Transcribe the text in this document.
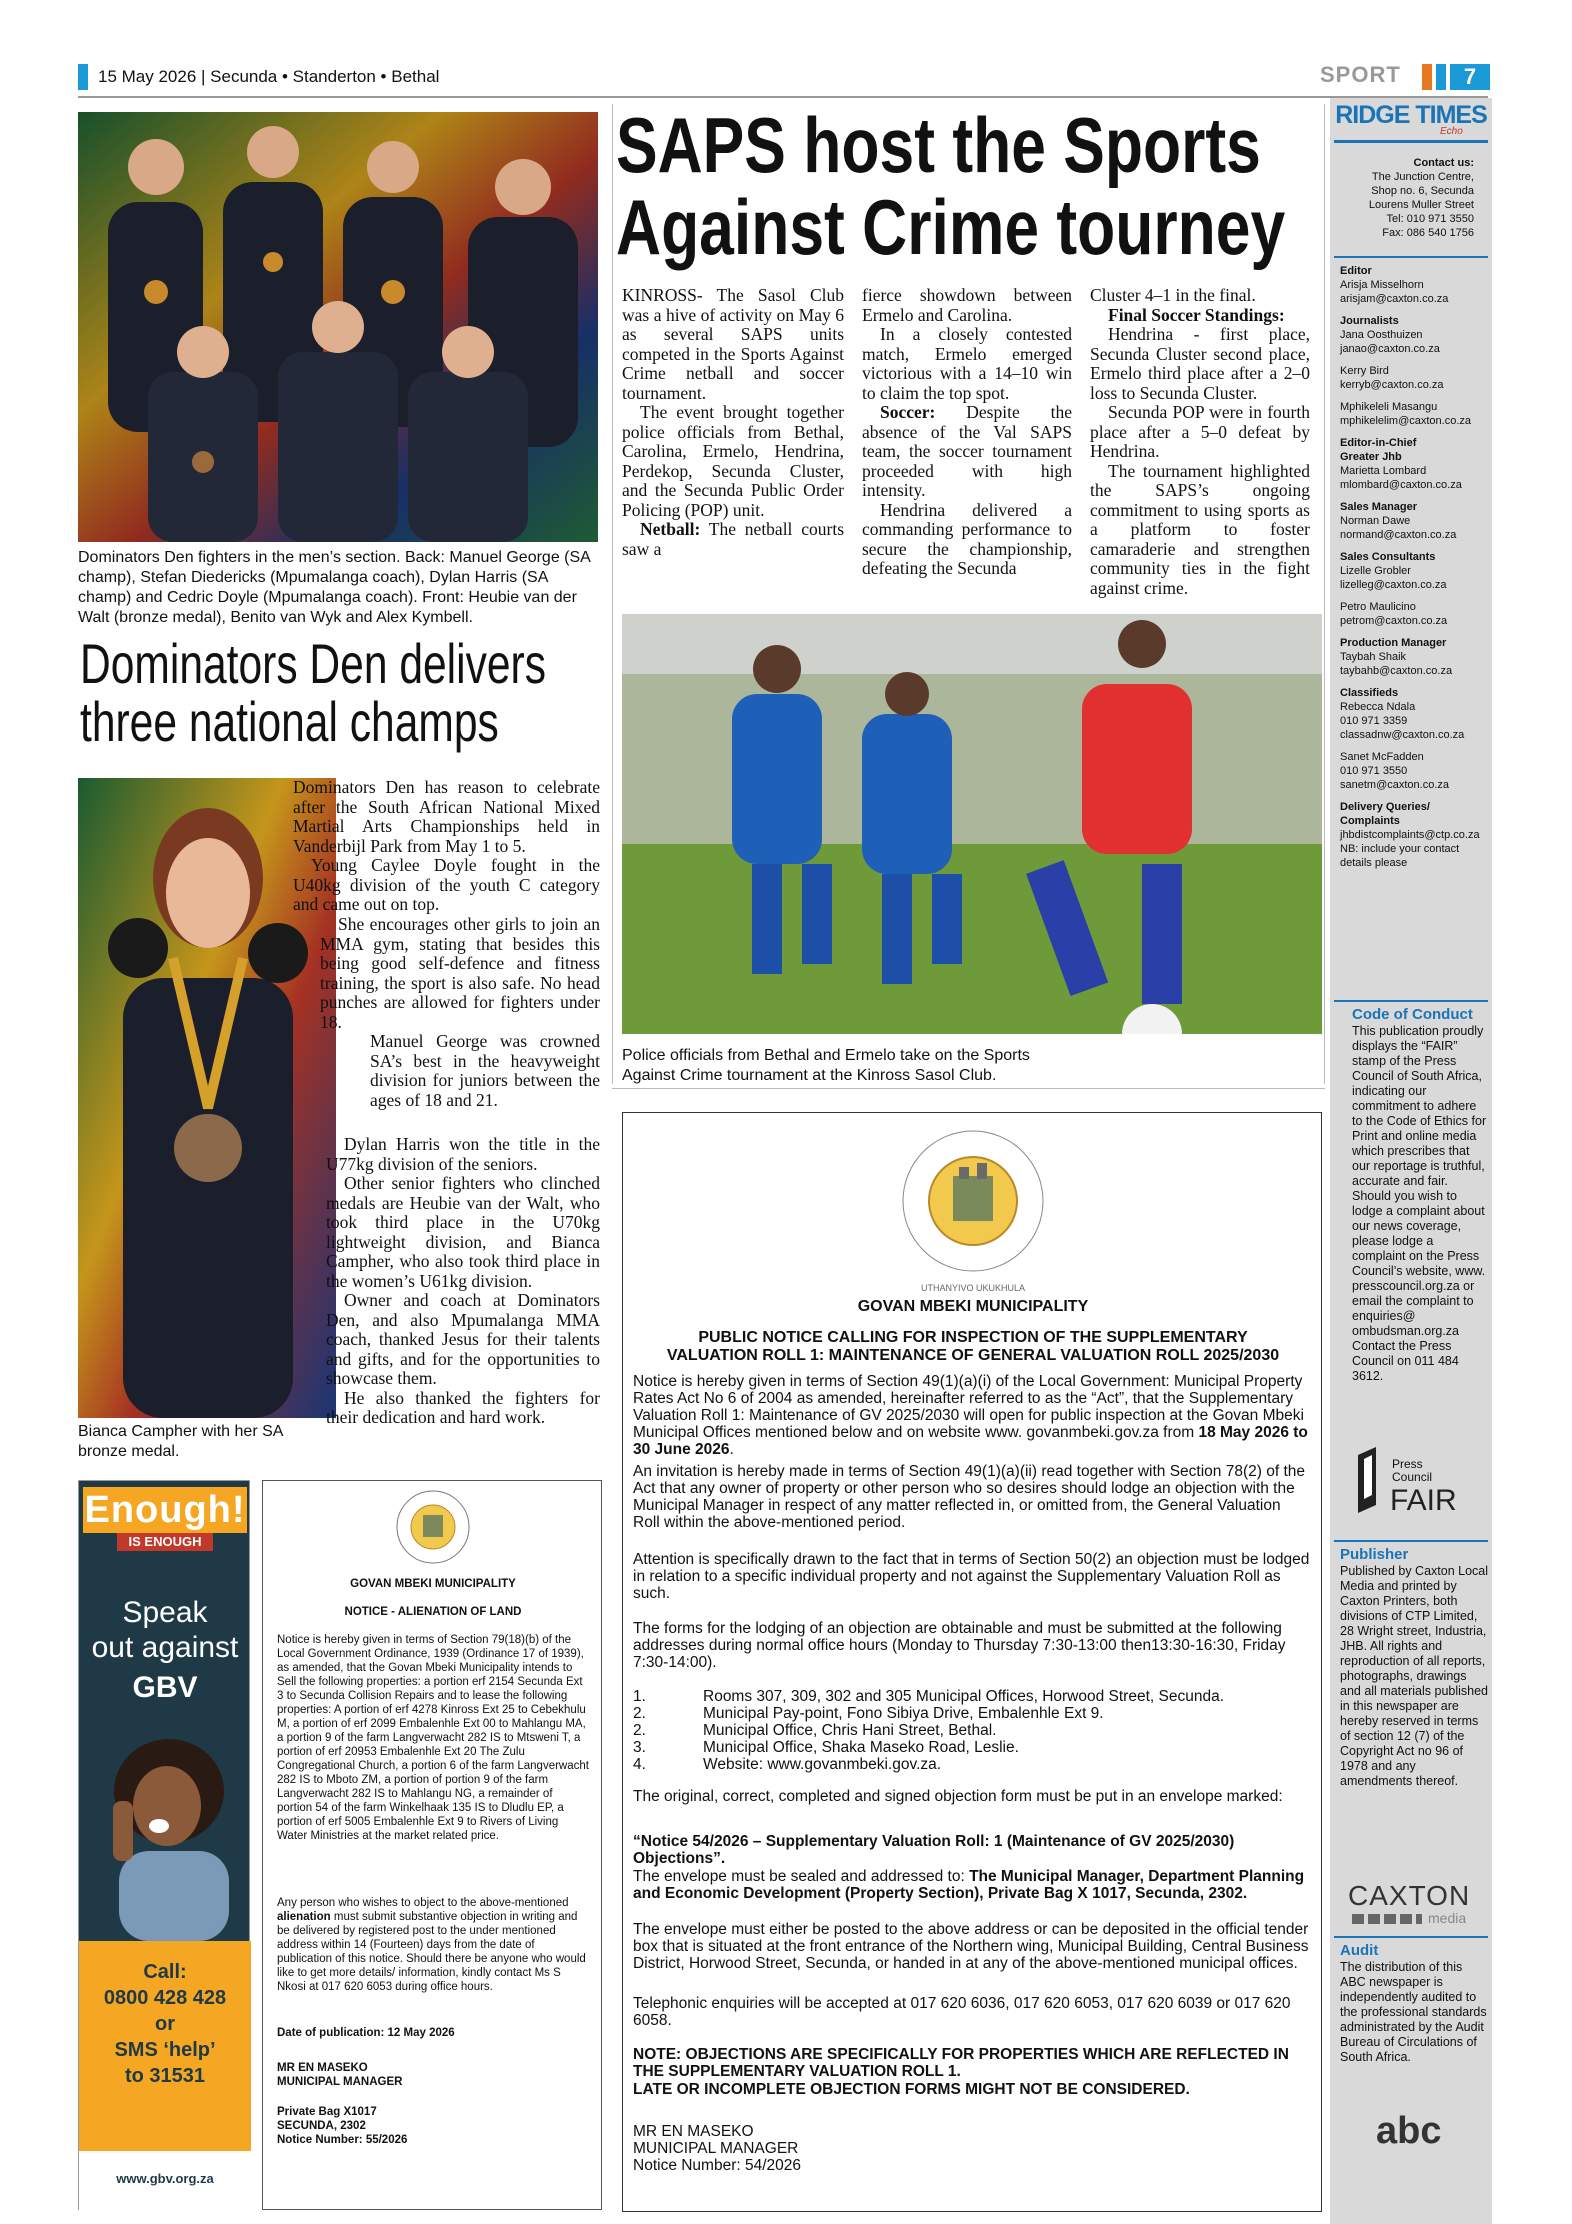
15 May 2026 | Secunda • Standerton • Bethal	SPORT	7
Dominators Den fighters in the men’s section. Back: Manuel George (SA champ), Stefan Diedericks (Mpumalanga coach), Dylan Harris (SA champ) and Cedric Doyle (Mpumalanga coach). Front: Heubie van der Walt (bronze medal), Benito van Wyk and Alex Kymbell.
Dominators Den delivers
three national champs

Dominators Den has reason to celebrate after the South African National Mixed Martial Arts Championships held in Vanderbijl Park from May 1 to 5.

Young Caylee Doyle fought in the U40kg division of the youth C category and came out on top.

She encourages other girls to join an MMA gym, stating that besides this being good self-defence and fitness training, the sport is also safe. No head punches are allowed for fighters under 18.

Manuel George was crowned SA’s best in the heavyweight division for juniors between the ages of 18 and 21.

Dylan Harris won the title in the U77kg division of the seniors.

Other senior fighters who clinched medals are Heubie van der Walt, who took third place in the U70kg lightweight division, and Bianca Campher, who also took third place in the women’s U61kg division.

Owner and coach at Dominators Den, and also Mpumalanga MMA coach, thanked Jesus for their talents and gifts, and for the opportunities to showcase them.

He also thanked the fighters for their dedication and hard work.

Bianca Campher with her SA bronze medal.
SAPS host the Sports
Against Crime tourney

KINROSS- The Sasol Club was a hive of activity on May 6 as several SAPS units competed in the Sports Against Crime netball and soccer tournament.

The event brought together police officials from Bethal, Carolina, Ermelo, Hendrina, Perdekop, Secunda Cluster, and the Secunda Public Order Policing (POP) unit.

Netball: The netball courts saw a

fierce showdown between Ermelo and Carolina.

In a closely contested match, Ermelo emerged victorious with a 14–10 win to claim the top spot.

Soccer: Despite the absence of the Val SAPS team, the soccer tournament proceeded with high intensity.

Hendrina delivered a commanding performance to secure the championship, defeating the Secunda

Cluster 4–1 in the final.

Final Soccer Standings:

Hendrina - first place, Secunda Cluster second place, Ermelo third place after a 2–0 loss to Secunda Cluster.

Secunda POP were in fourth place after a 5–0 defeat by Hendrina.

The tournament highlighted the SAPS’s ongoing commitment to using sports as a platform to foster camaraderie and strengthen community ties in the fight against crime.

Police officials from Bethal and Ermelo take on the Sports Against Crime tournament at the Kinross Sasol Club.
Enough!
IS ENOUGH
Speak
out against
GBV
Call:
0800 428 428
or
SMS ‘help’
to 31531
www.gbv.org.za
GOVAN MBEKI MUNICIPALITY
NOTICE - ALIENATION OF LAND
Notice is hereby given in terms of Section 79(18)(b) of the Local Government Ordinance, 1939 (Ordinance 17 of 1939), as amended, that the Govan Mbeki Municipality intends to Sell the following properties: a portion erf 2154 Secunda Ext 3 to Secunda Collision Repairs and to lease the following properties: A portion of erf 4278 Kinross Ext 25 to Cebekhulu M, a portion of erf 2099 Embalenhle Ext 00 to Mahlangu MA, a portion 9 of the farm Langverwacht 282 IS to Mtsweni T, a portion of erf 20953 Embalenhle Ext 20 The Zulu Congregational Church, a portion 6 of the farm Langverwacht 282 IS to Mboto ZM, a portion of portion 9 of the farm Langverwacht 282 IS to Mahlangu NG, a remainder of portion 54 of the farm Winkelhaak 135 IS to Dludlu EP, a portion of erf 5005 Embalenhle Ext 9 to Rivers of Living Water Ministries at the market related price.
Any person who wishes to object to the above-mentioned alienation must submit substantive objection in writing and be delivered by registered post to the under mentioned address within 14 (Fourteen) days from the date of publication of this notice. Should there be anyone who would like to get more details/ information, kindly contact Ms S Nkosi at 017 620 6053 during office hours.
Date of publication: 12 May 2026
MR EN MASEKO
MUNICIPAL MANAGER
Private Bag X1017
SECUNDA, 2302
Notice Number: 55/2026
UTHANYIVO UKUKHULA
GOVAN MBEKI MUNICIPALITY
PUBLIC NOTICE CALLING FOR INSPECTION OF THE SUPPLEMENTARY VALUATION ROLL 1: MAINTENANCE OF GENERAL VALUATION ROLL 2025/2030
Notice is hereby given in terms of Section 49(1)(a)(i) of the Local Government: Municipal Property Rates Act No 6 of 2004 as amended, hereinafter referred to as the “Act”, that the Supplementary Valuation Roll 1: Maintenance of GV 2025/2030 will open for public inspection at the Govan Mbeki Municipal Offices mentioned below and on website www. govanmbeki.gov.za from 18 May 2026 to 30 June 2026.
An invitation is hereby made in terms of Section 49(1)(a)(ii) read together with Section 78(2) of the Act that any owner of property or other person who so desires should lodge an objection with the Municipal Manager in respect of any matter reflected in, or omitted from, the General Valuation Roll within the above-mentioned period.
Attention is specifically drawn to the fact that in terms of Section 50(2) an objection must be lodged in relation to a specific individual property and not against the Supplementary Valuation Roll as such.
The forms for the lodging of an objection are obtainable and must be submitted at the following addresses during normal office hours (Monday to Thursday 7:30-13:00 then13:30-16:30, Friday 7:30-14:00).
1.	Rooms 307, 309, 302 and 305 Municipal Offices, Horwood Street, Secunda.
2.	Municipal Pay-point, Fono Sibiya Drive, Embalenhle Ext 9.
2.	Municipal Office, Chris Hani Street, Bethal.
3.	Municipal Office, Shaka Maseko Road, Leslie.
4.	Website: www.govanmbeki.gov.za.
The original, correct, completed and signed objection form must be put in an envelope marked:
“Notice 54/2026 – Supplementary Valuation Roll: 1 (Maintenance of GV 2025/2030) Objections”.
The envelope must be sealed and addressed to: The Municipal Manager, Department Planning and Economic Development (Property Section), Private Bag X 1017, Secunda, 2302.
The envelope must either be posted to the above address or can be deposited in the official tender box that is situated at the front entrance of the Northern wing, Municipal Building, Central Business District, Horwood Street, Secunda, or handed in at any of the above-mentioned municipal offices.
Telephonic enquiries will be accepted at 017 620 6036, 017 620 6053, 017 620 6039 or 017 620 6058.
NOTE: OBJECTIONS ARE SPECIFICALLY FOR PROPERTIES WHICH ARE REFLECTED IN THE SUPPLEMENTARY VALUATION ROLL 1.
LATE OR INCOMPLETE OBJECTION FORMS MIGHT NOT BE CONSIDERED.
MR EN MASEKO
MUNICIPAL MANAGER
Notice Number: 54/2026
RIDGE TIMES
Echo
Contact us:
The Junction Centre,
Shop no. 6, Secunda
Lourens Muller Street
Tel: 010 971 3550
Fax: 086 540 1756
Editor
Arisja Misselhorn
arisjam@caxton.co.za
Journalists
Jana Oosthuizen
janao@caxton.co.za
Kerry Bird
kerryb@caxton.co.za
Mphikeleli Masangu
mphikelelim@caxton.co.za
Editor-in-Chief Greater Jhb
Marietta Lombard
mlombard@caxton.co.za
Sales Manager
Norman Dawe
normand@caxton.co.za
Sales Consultants
Lizelle Grobler
lizelleg@caxton.co.za
Petro Maulicino
petrom@caxton.co.za
Production Manager
Taybah Shaik
taybahb@caxton.co.za
Classifieds
Rebecca Ndala
010 971 3359
classadnw@caxton.co.za
Sanet McFadden
010 971 3550
sanetm@caxton.co.za
Delivery Queries/ Complaints
jhbdistcomplaints@ctp.co.za
NB: include your contact
details please
Code of Conduct
This publication proudly displays the “FAIR” stamp of the Press Council of South Africa, indicating our commitment to adhere to the Code of Ethics for Print and online media which prescribes that our reportage is truthful, accurate and fair. Should you wish to lodge a complaint about our news coverage, please lodge a complaint on the Press Council’s website, www. presscouncil.org.za or email the complaint to enquiries@ ombudsman.org.za Contact the Press Council on 011 484 3612.
Press Council
FAIR
Publisher
Published by Caxton Local Media and printed by Caxton Printers, both divisions of CTP Limited, 28 Wright street, Industria, JHB. All rights and reproduction of all reports, photographs, drawings and all materials published in this newspaper are hereby reserved in terms of section 12 (7) of the Copyright Act no 96 of 1978 and any amendments thereof.
CAXTON
media
Audit
The distribution of this ABC newspaper is independently audited to the professional standards administrated by the Audit Bureau of Circulations of South Africa.
abc
